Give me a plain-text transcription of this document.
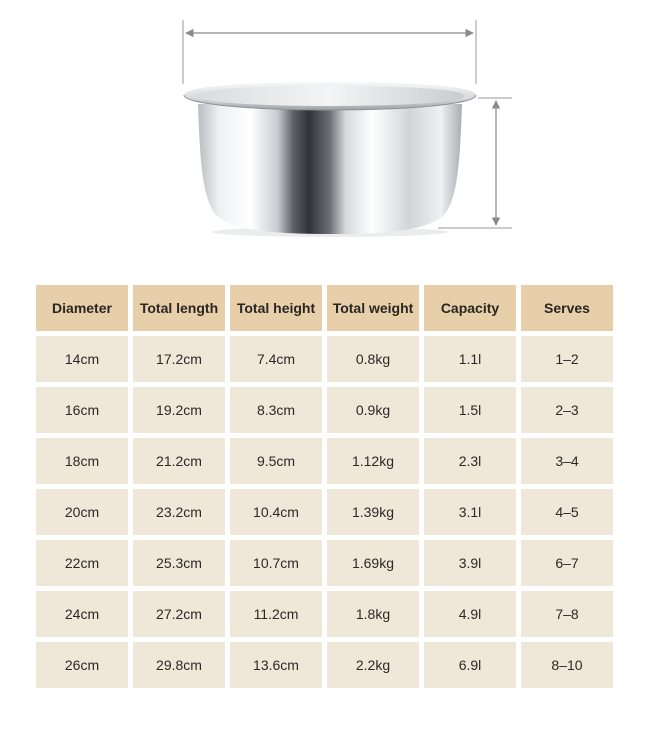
Diameter	Total length	Total height	Total weight	Capacity	Serves
14cm	17.2cm	7.4cm	0.8kg	1.1l	1–2
16cm	19.2cm	8.3cm	0.9kg	1.5l	2–3
18cm	21.2cm	9.5cm	1.12kg	2.3l	3–4
20cm	23.2cm	10.4cm	1.39kg	3.1l	4–5
22cm	25.3cm	10.7cm	1.69kg	3.9l	6–7
24cm	27.2cm	11.2cm	1.8kg	4.9l	7–8
26cm	29.8cm	13.6cm	2.2kg	6.9l	8–10
